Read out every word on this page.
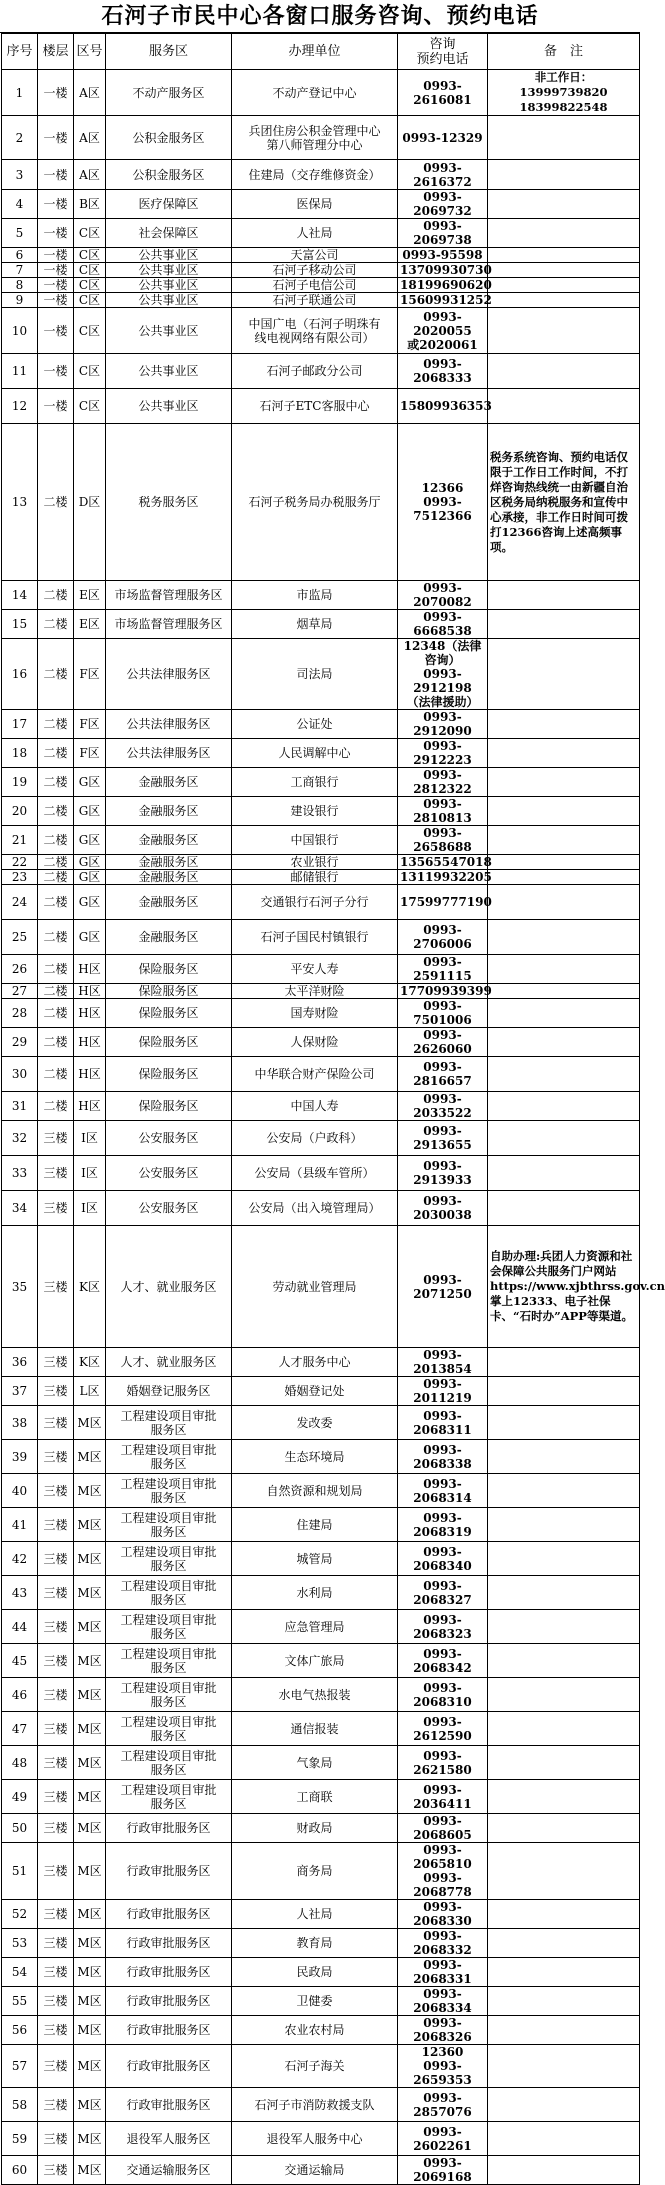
石河子市民中心各窗口服务咨询、预约电话
序号	楼层	区号	服务区	办理单位	咨询
预约电话	备　注
1	一楼	A区	不动产服务区	不动产登记中心	0993-2616081	非工作日：
13999739820
18399822548
2	一楼	A区	公积金服务区	兵团住房公积金管理中心
第八师管理分中心	0993-12329	
3	一楼	A区	公积金服务区	住建局（交存维修资金）	0993-2616372	
4	一楼	B区	医疗保障区	医保局	0993-2069732	
5	一楼	C区	社会保障区	人社局	0993-2069738	
6	一楼	C区	公共事业区	天富公司	0993-95598	
7	一楼	C区	公共事业区	石河子移动公司	13709930730	
8	一楼	C区	公共事业区	石河子电信公司	18199690620	
9	一楼	C区	公共事业区	石河子联通公司	15609931252	
10	一楼	C区	公共事业区	中国广电（石河子明珠有
线电视网络有限公司）	0993-2020055
或2020061	
11	一楼	C区	公共事业区	石河子邮政分公司	0993-2068333	
12	一楼	C区	公共事业区	石河子ETC客服中心	15809936353	
13	二楼	D区	税务服务区	石河子税务局办税服务厅	12366
0993-7512366	税务系统咨询、预约电话仅限于工作日工作时间，不打烊咨询热线统一由新疆自治区税务局纳税服务和宣传中心承接，非工作日时间可拨打12366咨询上述高频事项。
14	二楼	E区	市场监督管理服务区	市监局	0993-2070082	
15	二楼	E区	市场监督管理服务区	烟草局	0993-6668538	
16	二楼	F区	公共法律服务区	司法局	12348（法律
咨询）
0993-2912198
（法律援助）	
17	二楼	F区	公共法律服务区	公证处	0993-2912090	
18	二楼	F区	公共法律服务区	人民调解中心	0993-2912223	
19	二楼	G区	金融服务区	工商银行	0993-2812322	
20	二楼	G区	金融服务区	建设银行	0993-2810813	
21	二楼	G区	金融服务区	中国银行	0993-2658688	
22	二楼	G区	金融服务区	农业银行	13565547018	
23	二楼	G区	金融服务区	邮储银行	13119932205	
24	二楼	G区	金融服务区	交通银行石河子分行	17599777190	
25	二楼	G区	金融服务区	石河子国民村镇银行	0993-2706006	
26	二楼	H区	保险服务区	平安人寿	0993-2591115	
27	二楼	H区	保险服务区	太平洋财险	17709939399	
28	二楼	H区	保险服务区	国寿财险	0993-7501006	
29	二楼	H区	保险服务区	人保财险	0993-2626060	
30	二楼	H区	保险服务区	中华联合财产保险公司	0993-2816657	
31	二楼	H区	保险服务区	中国人寿	0993-2033522	
32	三楼	I区	公安服务区	公安局（户政科）	0993-2913655	
33	三楼	I区	公安服务区	公安局（县级车管所）	0993-2913933	
34	三楼	I区	公安服务区	公安局（出入境管理局）	0993-2030038	
35	三楼	K区	人才、就业服务区	劳动就业管理局	0993-2071250	自助办理:兵团人力资源和社会保障公共服务门户网站https://www.xjbthrss.gov.cn掌上12333、电子社保卡、“石时办”APP等渠道。
36	三楼	K区	人才、就业服务区	人才服务中心	0993-2013854	
37	三楼	L区	婚姻登记服务区	婚姻登记处	0993-2011219	
38	三楼	M区	工程建设项目审批
服务区	发改委	0993-2068311	
39	三楼	M区	工程建设项目审批
服务区	生态环境局	0993-2068338	
40	三楼	M区	工程建设项目审批
服务区	自然资源和规划局	0993-2068314	
41	三楼	M区	工程建设项目审批
服务区	住建局	0993-2068319	
42	三楼	M区	工程建设项目审批
服务区	城管局	0993-2068340	
43	三楼	M区	工程建设项目审批
服务区	水利局	0993-2068327	
44	三楼	M区	工程建设项目审批
服务区	应急管理局	0993-2068323	
45	三楼	M区	工程建设项目审批
服务区	文体广旅局	0993-2068342	
46	三楼	M区	工程建设项目审批
服务区	水电气热报装	0993-2068310	
47	三楼	M区	工程建设项目审批
服务区	通信报装	0993-2612590	
48	三楼	M区	工程建设项目审批
服务区	气象局	0993-2621580	
49	三楼	M区	工程建设项目审批
服务区	工商联	0993-2036411	
50	三楼	M区	行政审批服务区	财政局	0993-2068605	
51	三楼	M区	行政审批服务区	商务局	0993-2065810
0993-2068778	
52	三楼	M区	行政审批服务区	人社局	0993-2068330	
53	三楼	M区	行政审批服务区	教育局	0993-2068332	
54	三楼	M区	行政审批服务区	民政局	0993-2068331	
55	三楼	M区	行政审批服务区	卫健委	0993-2068334	
56	三楼	M区	行政审批服务区	农业农村局	0993-2068326	
57	三楼	M区	行政审批服务区	石河子海关	12360
0993-2659353	
58	三楼	M区	行政审批服务区	石河子市消防救援支队	0993-2857076	
59	三楼	M区	退役军人服务区	退役军人服务中心	0993-2602261	
60	三楼	M区	交通运输服务区	交通运输局	0993-2069168	
